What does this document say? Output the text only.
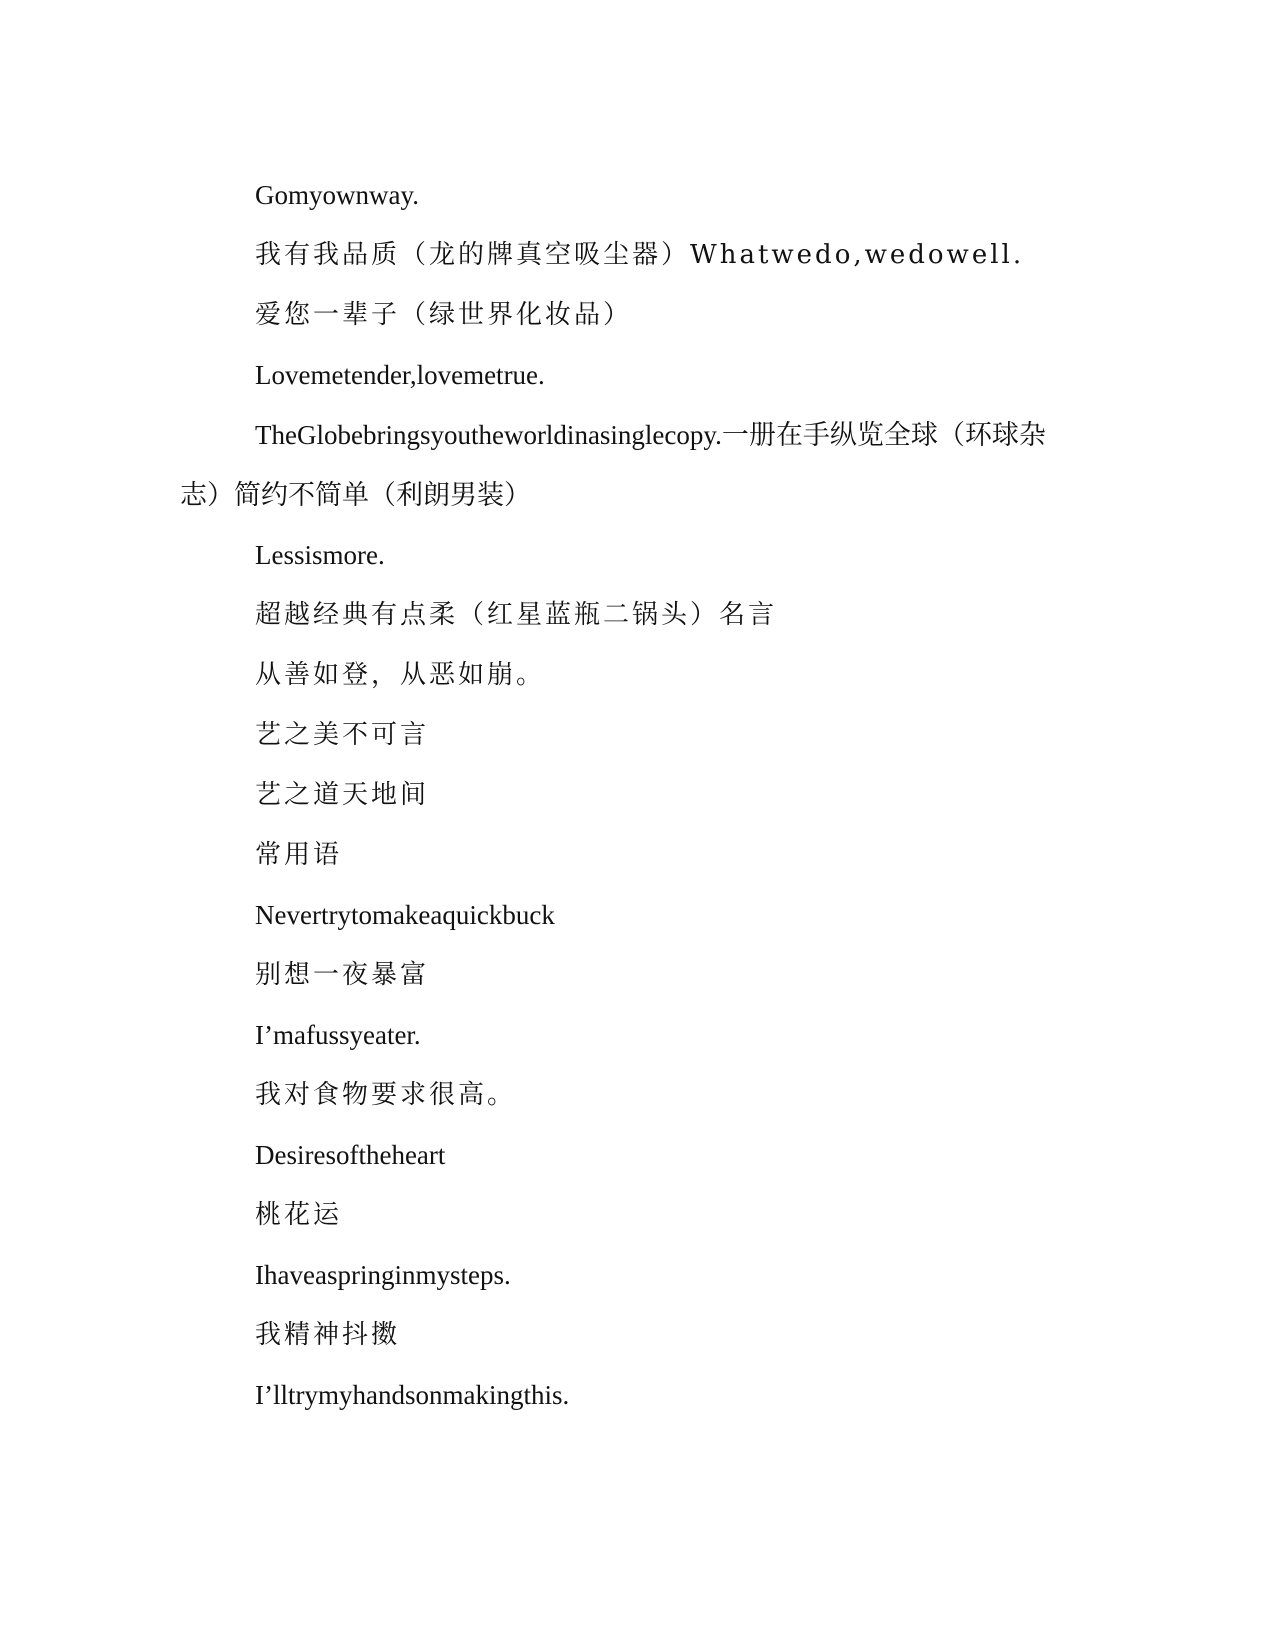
Gomyownway.

我有我品质（龙的牌真空吸尘器）Whatwedo,wedowell.

爱您一辈子（绿世界化妆品）

Lovemetender,lovemetrue.

TheGlobebringsyoutheworldinasinglecopy.一册在手纵览全球（环球杂志）简约不简单（利朗男装）

Lessismore.

超越经典有点柔（红星蓝瓶二锅头）名言

从善如登，从恶如崩。

艺之美不可言

艺之道天地间

常用语

Nevertrytomakeaquickbuck

别想一夜暴富

I’mafussyeater.

我对食物要求很高。

Desiresoftheheart

桃花运

Ihaveaspringinmysteps.

我精神抖擞

I’lltrymyhandsonmakingthis.
